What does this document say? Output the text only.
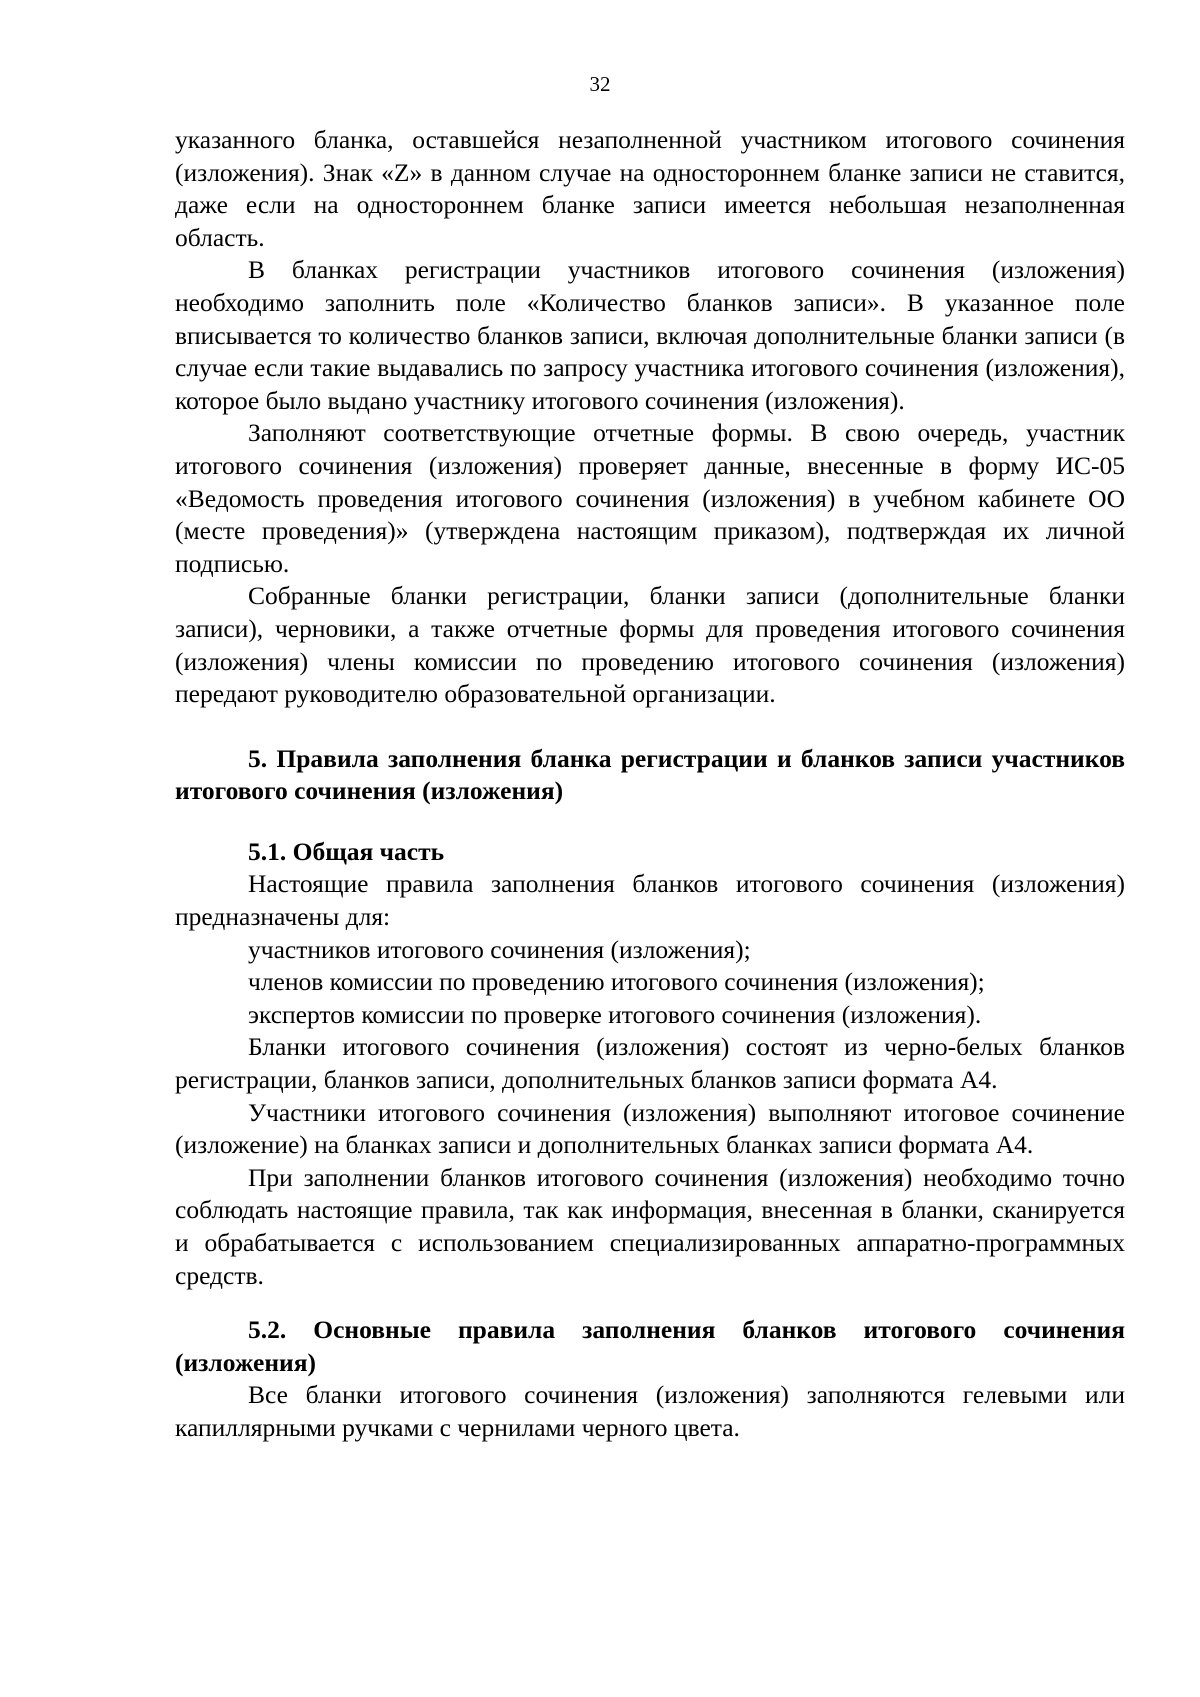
32

указанного бланка, оставшейся незаполненной участником итогового сочинения (изложения). Знак «Z» в данном случае на одностороннем бланке записи не ставится, даже если на одностороннем бланке записи имеется небольшая незаполненная область.

В бланках регистрации участников итогового сочинения (изложения) необходимо заполнить поле «Количество бланков записи». В указанное поле вписывается то количество бланков записи, включая дополнительные бланки записи (в случае если такие выдавались по запросу участника итогового сочинения (изложения), которое было выдано участнику итогового сочинения (изложения).

Заполняют соответствующие отчетные формы. В свою очередь, участник итогового сочинения (изложения) проверяет данные, внесенные в форму ИС-05 «Ведомость проведения итогового сочинения (изложения) в учебном кабинете ОО (месте проведения)» (утверждена настоящим приказом), подтверждая их личной подписью.

Собранные бланки регистрации, бланки записи (дополнительные бланки записи), черновики, а также отчетные формы для проведения итогового сочинения (изложения) члены комиссии по проведению итогового сочинения (изложения) передают руководителю образовательной организации.

5. Правила заполнения бланка регистрации и бланков записи участников итогового сочинения (изложения)

5.1. Общая часть

Настоящие правила заполнения бланков итогового сочинения (изложения) предназначены для:

участников итогового сочинения (изложения);

членов комиссии по проведению итогового сочинения (изложения);

экспертов комиссии по проверке итогового сочинения (изложения).

Бланки итогового сочинения (изложения) состоят из черно-белых бланков регистрации, бланков записи, дополнительных бланков записи формата А4.

Участники итогового сочинения (изложения) выполняют итоговое сочинение (изложение) на бланках записи и дополнительных бланках записи формата А4.

При заполнении бланков итогового сочинения (изложения) необходимо точно соблюдать настоящие правила, так как информация, внесенная в бланки, сканируется и обрабатывается с использованием специализированных аппаратно-программных средств.

5.2. Основные правила заполнения бланков итогового сочинения (изложения)

Все бланки итогового сочинения (изложения) заполняются гелевыми или капиллярными ручками с чернилами черного цвета.
